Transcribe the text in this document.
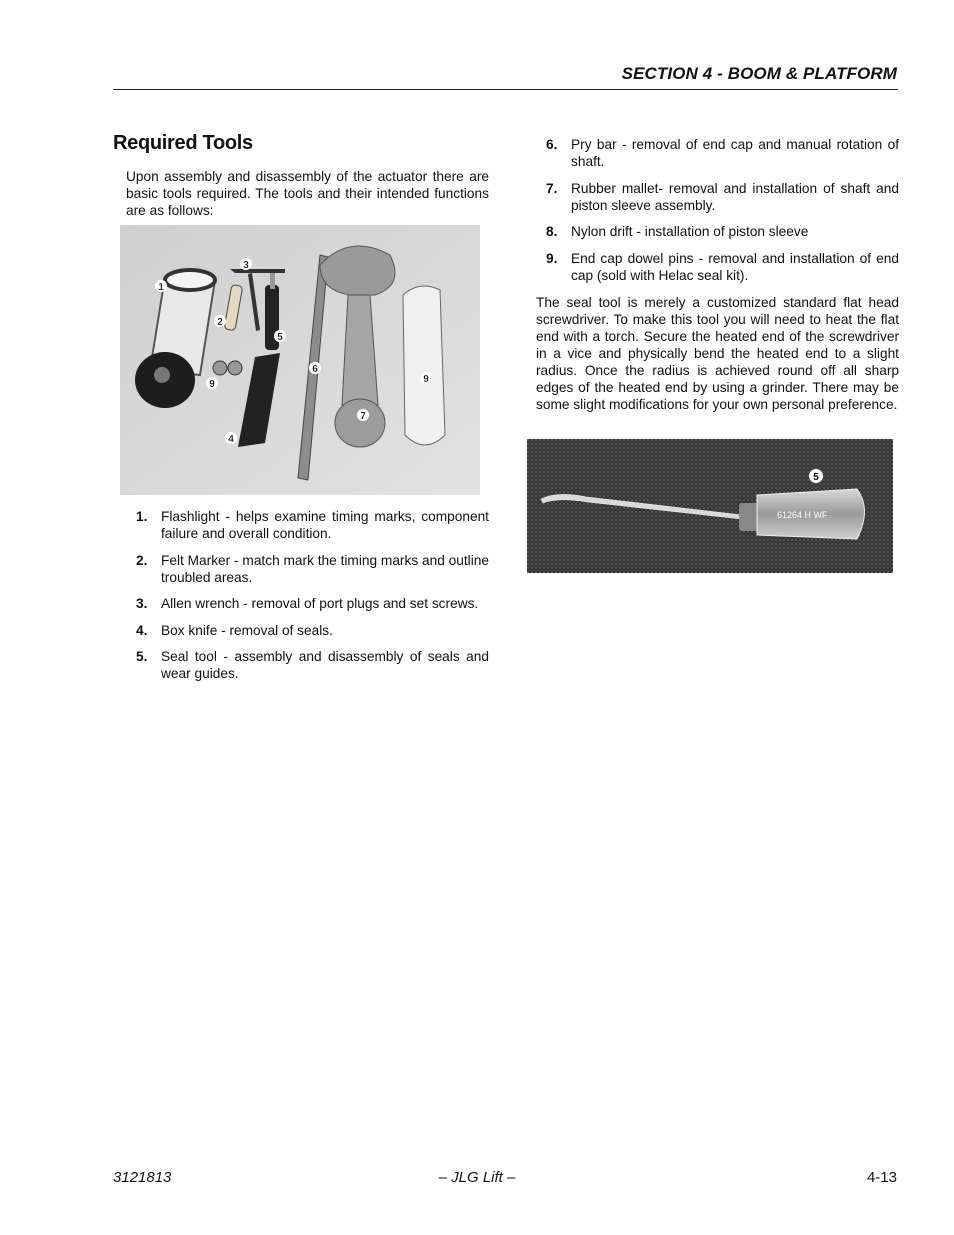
SECTION 4 - BOOM & PLATFORM
Required Tools

Upon assembly and disassembly of the actuator there are basic tools required. The tools and their intended functions are as follows:

1
2
3
4
5
6
7
9	9
1. Flashlight - helps examine timing marks, component failure and overall condition.
2. Felt Marker - match mark the timing marks and outline troubled areas.
3. Allen wrench - removal of port plugs and set screws.
4. Box knife - removal of seals.
5. Seal tool - assembly and disassembly of seals and wear guides.
6. Pry bar - removal of end cap and manual rotation of shaft.
7. Rubber mallet- removal and installation of shaft and piston sleeve assembly.
8. Nylon drift - installation of piston sleeve
9. End cap dowel pins - removal and installation of end cap (sold with Helac seal kit).

The seal tool is merely a customized standard flat head screwdriver. To make this tool you will need to heat the flat end with a torch. Secure the heated end of the screwdriver in a vice and physically bend the heated end to a slight radius. Once the radius is achieved round off all sharp edges of the heated end by using a grinder. There may be some slight modifications for your own personal preference.

61264 H WF
5
3121813	– JLG Lift –	4-13
